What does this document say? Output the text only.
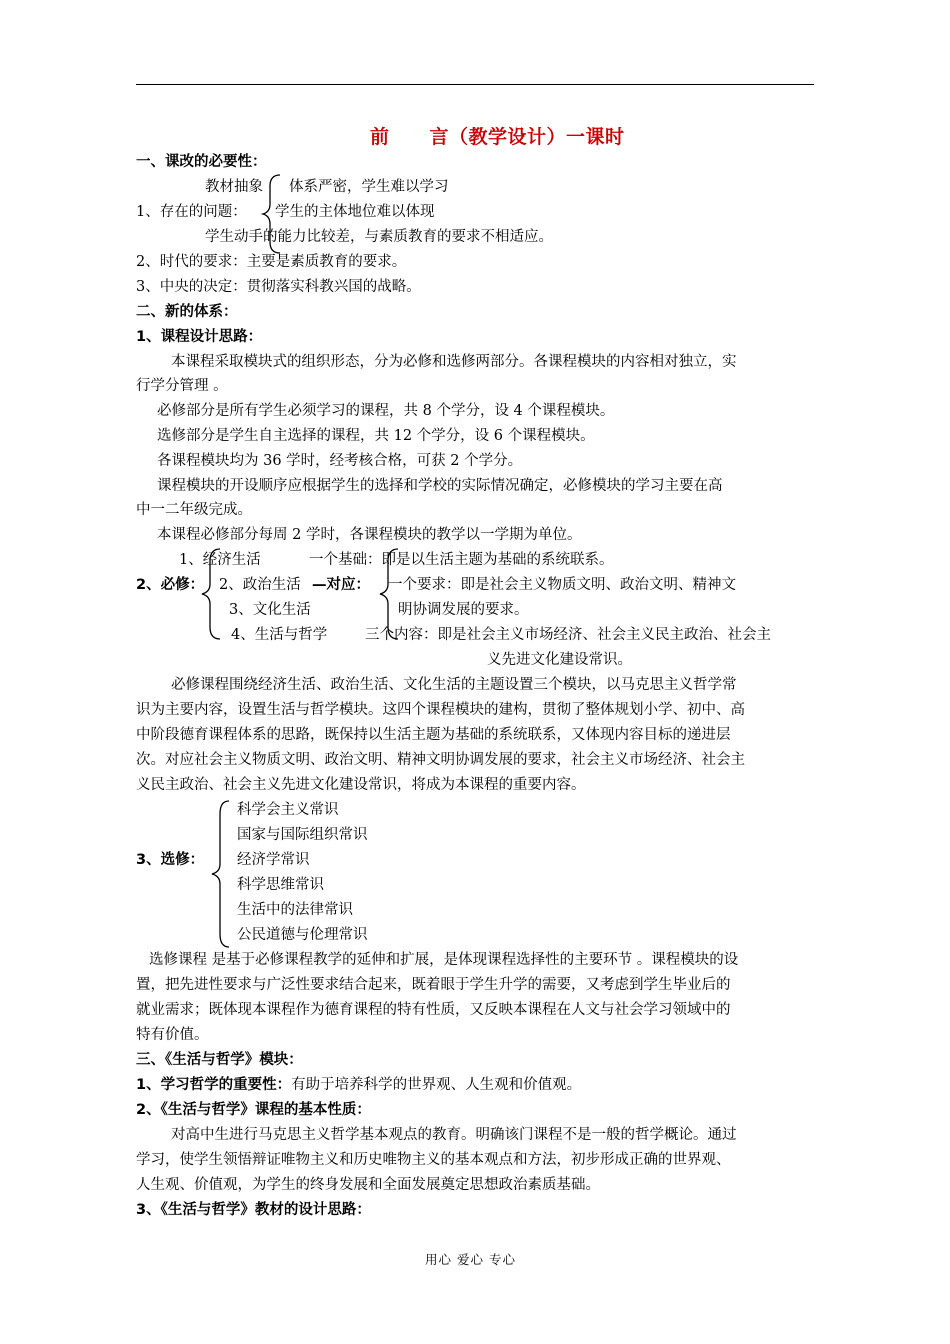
前 言（教学设计）一课时
一、课改的必要性：
教材抽象 体系严密，学生难以学习
1、存在的问题： 学生的主体地位难以体现
学生动手的能力比较差，与素质教育的要求不相适应。
2、时代的要求：主要是素质教育的要求。
3、中央的决定：贯彻落实科教兴国的战略。
二、新的体系：
1、课程设计思路：
本课程采取模块式的组织形态，分为必修和选修两部分。各课程模块的内容相对独立，实
行学分管理 。
必修部分是所有学生必须学习的课程，共 8 个学分，设 4 个课程模块。
选修部分是学生自主选择的课程，共 12 个学分，设 6 个课程模块。
各课程模块均为 36 学时，经考核合格，可获 2 个学分。
课程模块的开设顺序应根据学生的选择和学校的实际情况确定，必修模块的学习主要在高
中一二年级完成。
本课程必修部分每周 2 学时，各课程模块的教学以一学期为单位。
1、经济生活
2、必修： 2、政治生活 —对应：
3、文化生活
4、生活与哲学
一个基础：即是以生活主题为基础的系统联系。
一个要求：即是社会主义物质文明、政治文明、精神文
明协调发展的要求。
三个内容：即是社会主义市场经济、社会主义民主政治、社会主
义先进文化建设常识。
必修课程围绕经济生活、政治生活、文化生活的主题设置三个模块，以马克思主义哲学常
识为主要内容，设置生活与哲学模块。这四个课程模块的建构，贯彻了整体规划小学、初中、高
中阶段德育课程体系的思路，既保持以生活主题为基础的系统联系，又体现内容目标的递进层
次。对应社会主义物质文明、政治文明、精神文明协调发展的要求，社会主义市场经济、社会主
义民主政治、社会主义先进文化建设常识，将成为本课程的重要内容。
科学会主义常识
国家与国际组织常识
3、选修： 经济学常识
科学思维常识
生活中的法律常识
公民道德与伦理常识
选修课程 是基于必修课程教学的延伸和扩展，是体现课程选择性的主要环节 。课程模块的设
置，把先进性要求与广泛性要求结合起来，既着眼于学生升学的需要，又考虑到学生毕业后的
就业需求；既体现本课程作为德育课程的特有性质，又反映本课程在人文与社会学习领域中的
特有价值。
三、《生活与哲学》模块：
1、学习哲学的重要性：有助于培养科学的世界观、人生观和价值观。
2、《生活与哲学》课程的基本性质：
对高中生进行马克思主义哲学基本观点的教育。明确该门课程不是一般的哲学概论。通过
学习，使学生领悟辩证唯物主义和历史唯物主义的基本观点和方法，初步形成正确的世界观、
人生观、价值观，为学生的终身发展和全面发展奠定思想政治素质基础。
3、《生活与哲学》教材的设计思路：
用心 爱心 专心
